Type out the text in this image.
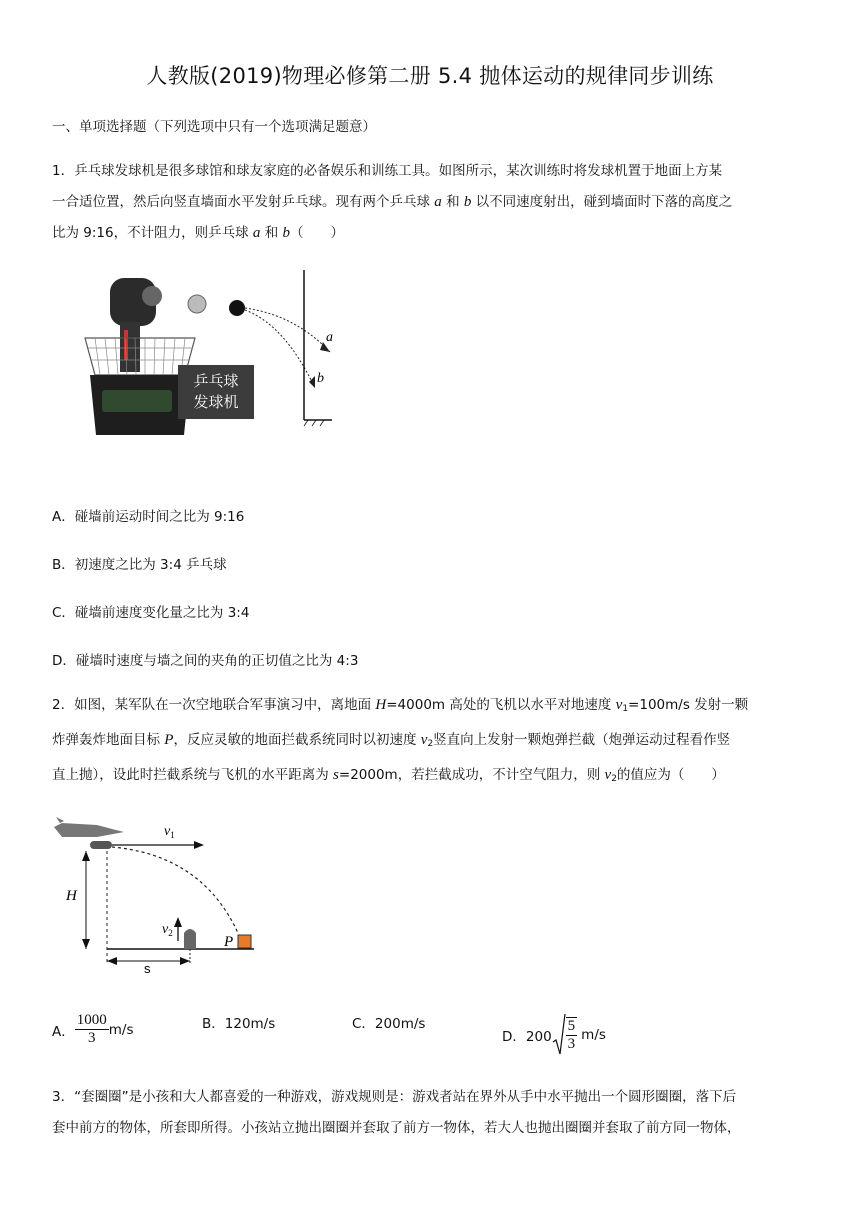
人教版(2019)物理必修第二册 5.4 抛体运动的规律同步训练
一、单项选择题（下列选项中只有一个选项满足题意）
1．乒乓球发球机是很多球馆和球友家庭的必备娱乐和训练工具。如图所示，某次训练时将发球机置于地面上方某
一合适位置，然后向竖直墙面水平发射乒乓球。现有两个乒乓球 a 和 b 以不同速度射出，碰到墙面时下落的高度之
比为 9:16，不计阻力，则乒乓球 a 和 b（　　）
a
b
乒乓球
发球机
A．碰墙前运动时间之比为 9:16
B．初速度之比为 3:4 乒乓球
C．碰墙前速度变化量之比为 3:4
D．碰墙时速度与墙之间的夹角的正切值之比为 4:3
2．如图，某军队在一次空地联合军事演习中，离地面 H=4000m 高处的飞机以水平对地速度 $v_1=100m/s$ 发射一颗
炸弹轰炸地面目标 P，反应灵敏的地面拦截系统同时以初速度 $v_2$竖直向上发射一颗炮弹拦截（炮弹运动过程看作竖
直上抛），设此时拦截系统与飞机的水平距离为 s=2000m，若拦截成功，不计空气阻力，则 $v_2$的值应为（　　）
$v_1$
H
$v_2$
P
s
A． $\frac{1000}{3} m/s$	B．120m/s	C．200m/s
D．$200 \frac{5}{3} m/s$
3．“套圈圈”是小孩和大人都喜爱的一种游戏，游戏规则是：游戏者站在界外从手中水平抛出一个圆形圈圈，落下后
套中前方的物体，所套即所得。小孩站立抛出圈圈并套取了前方一物体，若大人也抛出圈圈并套取了前方同一物体，
